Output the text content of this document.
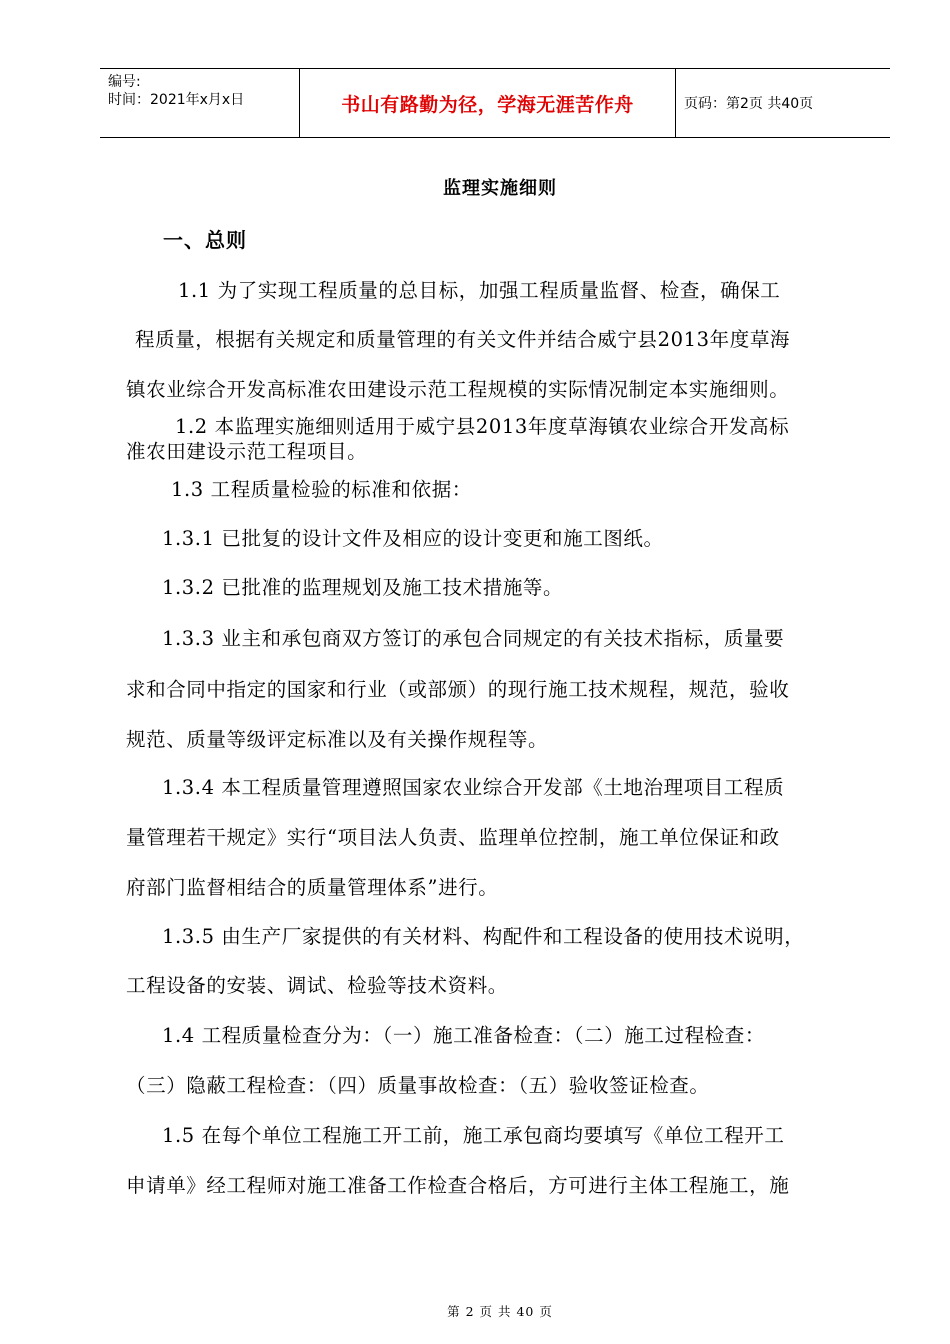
编号:
时间：2021年x月x日	书山有路勤为径，学海无涯苦作舟	页码：第2页 共40页
监理实施细则
一、总则
1.1 为了实现工程质量的总目标，加强工程质量监督、检查，确保工
程质量，根据有关规定和质量管理的有关文件并结合威宁县2013年度草海
镇农业综合开发高标准农田建设示范工程规模的实际情况制定本实施细则。
1.2 本监理实施细则适用于威宁县2013年度草海镇农业综合开发高标
准农田建设示范工程项目。
1.3 工程质量检验的标准和依据：
1.3.1 已批复的设计文件及相应的设计变更和施工图纸。
1.3.2 已批准的监理规划及施工技术措施等。
1.3.3 业主和承包商双方签订的承包合同规定的有关技术指标，质量要
求和合同中指定的国家和行业（或部颁）的现行施工技术规程，规范，验收
规范、质量等级评定标准以及有关操作规程等。
1.3.4 本工程质量管理遵照国家农业综合开发部《土地治理项目工程质
量管理若干规定》实行“项目法人负责、监理单位控制，施工单位保证和政
府部门监督相结合的质量管理体系”进行。
1.3.5 由生产厂家提供的有关材料、构配件和工程设备的使用技术说明，
工程设备的安装、调试、检验等技术资料。
1.4 工程质量检查分为：（一）施工准备检查：（二）施工过程检查：
（三）隐蔽工程检查：（四）质量事故检查：（五）验收签证检查。
1.5 在每个单位工程施工开工前，施工承包商均要填写《单位工程开工
申请单》经工程师对施工准备工作检查合格后，方可进行主体工程施工，施
第 2 页 共 40 页
